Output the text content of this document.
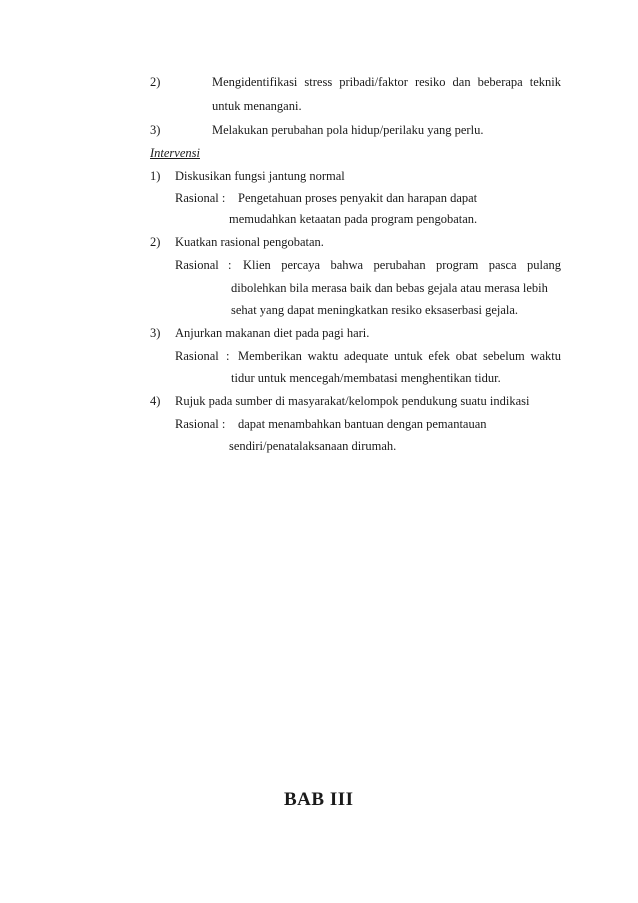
2)	Mengidentifikasi stress pribadi/faktor resiko dan beberapa teknik
untuk menangani.
3)	Melakukan perubahan pola hidup/perilaku yang perlu.
Intervensi
1) Diskusikan fungsi jantung normal
Rasional : Pengetahuan proses penyakit dan harapan dapat
memudahkan ketaatan pada program pengobatan.
2) Kuatkan rasional pengobatan.
Rasional : Klien percaya bahwa perubahan program pasca pulang
dibolehkan bila merasa baik dan bebas gejala atau merasa lebih
sehat yang dapat meningkatkan resiko eksaserbasi gejala.
3) Anjurkan makanan diet pada pagi hari.
Rasional : Memberikan waktu adequate untuk efek obat sebelum waktu
tidur untuk mencegah/membatasi menghentikan tidur.
4) Rujuk pada sumber di masyarakat/kelompok pendukung suatu indikasi
Rasional : dapat menambahkan bantuan dengan pemantauan
sendiri/penatalaksanaan dirumah.
BAB III
